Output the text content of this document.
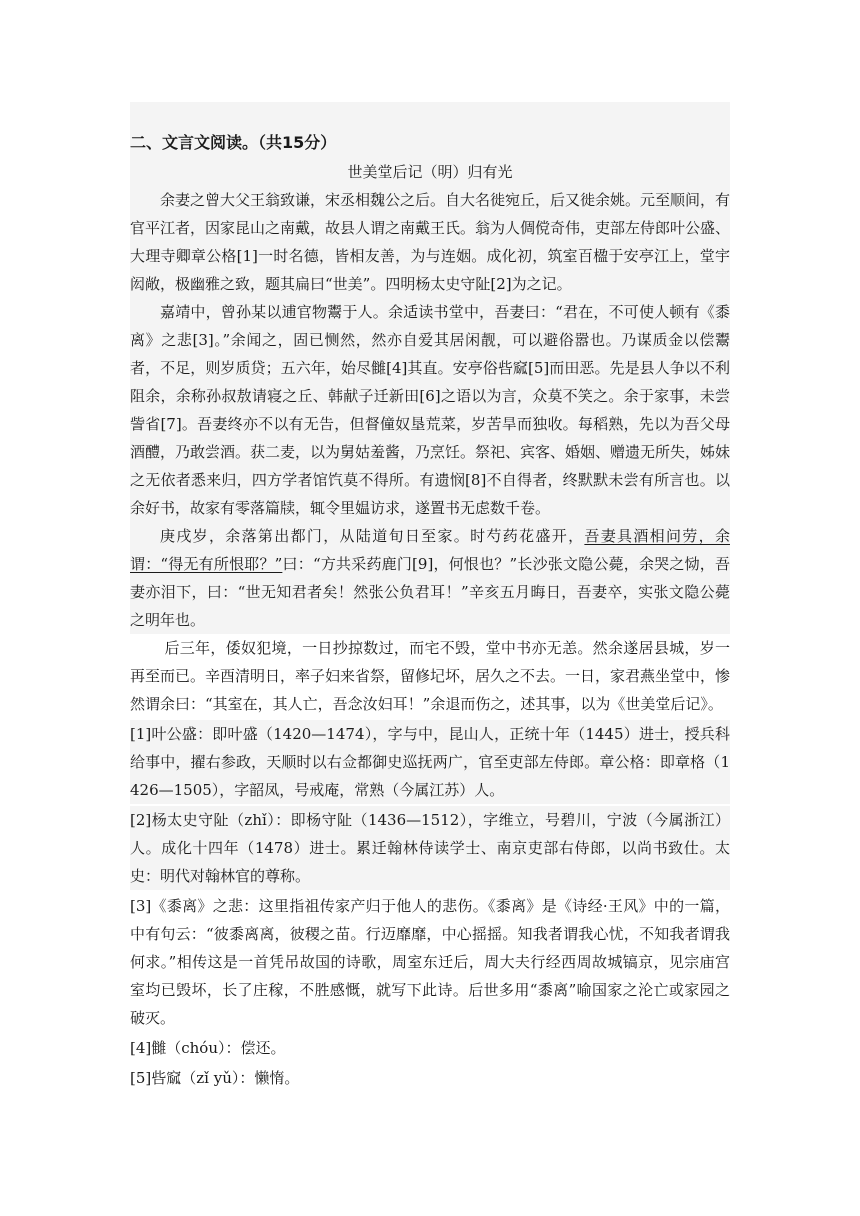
二、文言文阅读。（共15分）
世美堂后记（明）归有光
余妻之曾大父王翁致谦，宋丞相魏公之后。自大名徙宛丘，后又徙余姚。元至顺间，有官平江者，因家昆山之南戴，故县人谓之南戴王氏。翁为人倜傥奇伟，吏部左侍郎叶公盛、大理寺卿章公格[1]一时名德，皆相友善，为与连姻。成化初，筑室百楹于安亭江上，堂宇闳敞，极幽雅之致，题其扁曰“世美”。四明杨太史守阯[2]为之记。
嘉靖中，曾孙某以逋官物鬻于人。余适读书堂中，吾妻曰：“君在，不可使人顿有《黍离》之悲[3]。”余闻之，固已恻然，然亦自爱其居闲靓，可以避俗嚣也。乃谋质金以偿鬻者，不足，则岁质贷；五六年，始尽雠[4]其直。安亭俗呰窳[5]而田恶。先是县人争以不利阻余，余称孙叔敖请寝之丘、韩献子迁新田[6]之语以为言，众莫不笑之。余于家事，未尝訾省[7]。吾妻终亦不以有无告，但督僮奴垦荒菜，岁苦旱而独收。每稻熟，先以为吾父母酒醴，乃敢尝酒。获二麦，以为舅姑羞酱，乃烹饪。祭祀、宾客、婚姻、赠遗无所失，姊妹之无依者悉来归，四方学者馆饩莫不得所。有遗悯[8]不自得者，终默默未尝有所言也。以余好书，故家有零落篇牍，辄令里媪访求，遂置书无虑数千卷。
庚戌岁，余落第出都门，从陆道旬日至家。时芍药花盛开，吾妻具酒相问劳，余谓：“得无有所恨耶？”曰：“方共采药鹿门[9]，何恨也？”长沙张文隐公薨，余哭之恸，吾妻亦泪下，曰：“世无知君者矣！然张公负君耳！”辛亥五月晦日，吾妻卒，实张文隐公薨之明年也。
后三年，倭奴犯境，一日抄掠数过，而宅不毁，堂中书亦无恙。然余遂居县城，岁一再至而已。辛酉清明日，率子妇来省祭，留修圮坏，居久之不去。一日，家君燕坐堂中，惨然谓余曰：“其室在，其人亡，吾念汝妇耳！”余退而伤之，述其事，以为《世美堂后记》。
[1]叶公盛：即叶盛（1420—1474），字与中，昆山人，正统十年（1445）进士，授兵科给事中，擢右参政，天顺时以右佥都御史巡抚两广，官至吏部左侍郎。章公格：即章格（1426—1505），字韶凤，号戒庵，常熟（今属江苏）人。
[2]杨太史守阯（zhǐ）：即杨守阯（1436—1512），字维立，号碧川，宁波（今属浙江）人。成化十四年（1478）进士。累迁翰林侍读学士、南京吏部右侍郎，以尚书致仕。太史：明代对翰林官的尊称。
[3]《黍离》之悲：这里指祖传家产归于他人的悲伤。《黍离》是《诗经·王风》中的一篇，中有句云：“彼黍离离，彼稷之苗。行迈靡靡，中心摇摇。知我者谓我心忧，不知我者谓我何求。”相传这是一首凭吊故国的诗歌，周室东迁后，周大夫行经西周故城镐京，见宗庙宫室均已毁坏，长了庄稼，不胜感慨，就写下此诗。后世多用“黍离”喻国家之沦亡或家园之破灭。
[4]雠（chóu）：偿还。
[5]呰窳（zǐ yǔ）：懒惰。
